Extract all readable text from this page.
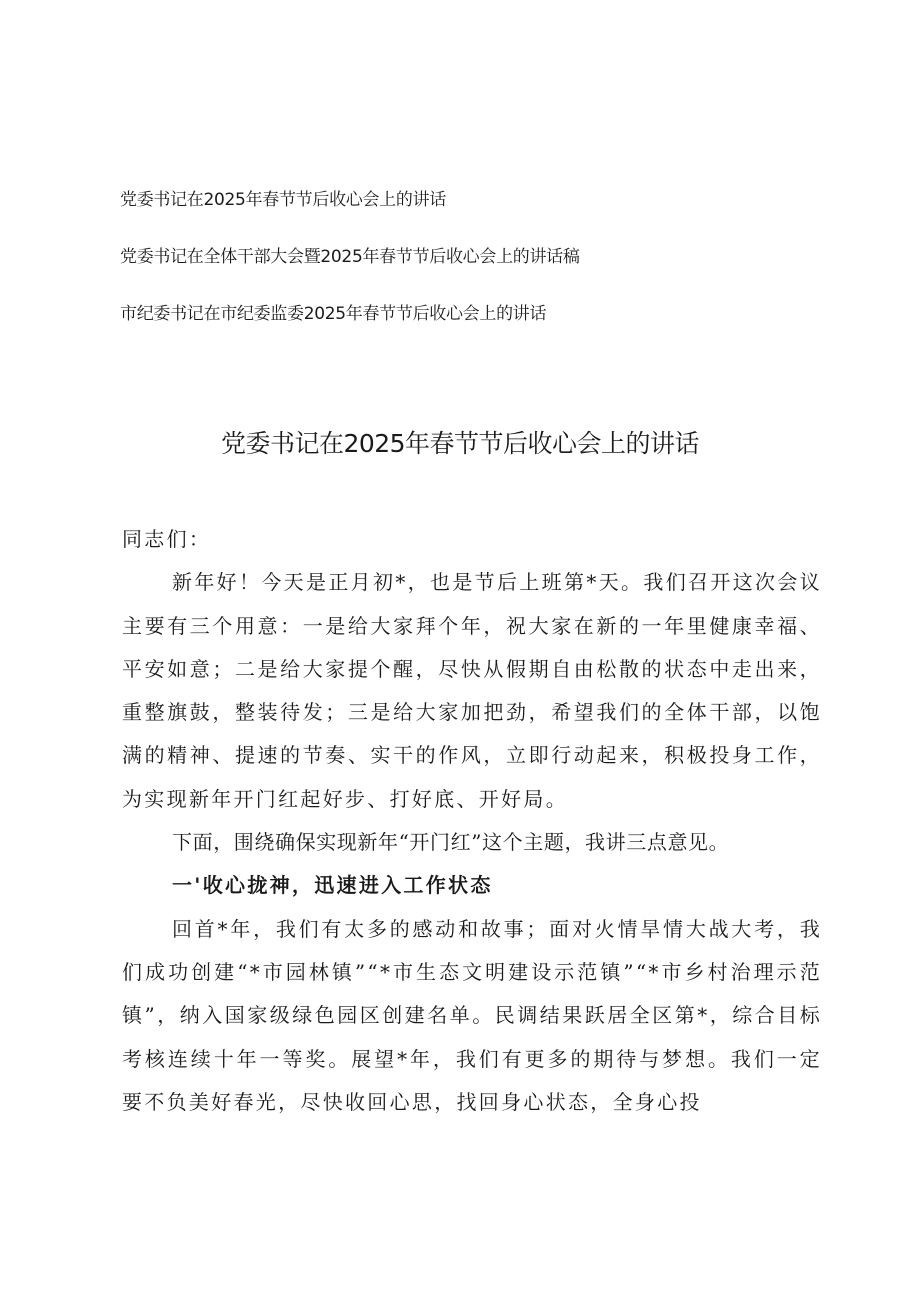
党委书记在2025年春节节后收心会上的讲话
党委书记在全体干部大会暨2025年春节节后收心会上的讲话稿
市纪委书记在市纪委监委2025年春节节后收心会上的讲话
党委书记在2025年春节节后收心会上的讲话

同志们：

新年好！今天是正月初*，也是节后上班第*天。我们召开这次会议主要有三个用意：一是给大家拜个年，祝大家在新的一年里健康幸福、平安如意；二是给大家提个醒，尽快从假期自由松散的状态中走出来，重整旗鼓，整装待发；三是给大家加把劲，希望我们的全体干部，以饱满的精神、提速的节奏、实干的作风，立即行动起来，积极投身工作，为实现新年开门红起好步、打好底、开好局。

下面，围绕确保实现新年“开门红”这个主题，我讲三点意见。

一'收心拢神，迅速进入工作状态

回首*年，我们有太多的感动和故事；面对火情旱情大战大考，我们成功创建“*市园林镇”“*市生态文明建设示范镇”“*市乡村治理示范镇”，纳入国家级绿色园区创建名单。民调结果跃居全区第*，综合目标考核连续十年一等奖。展望*年，我们有更多的期待与梦想。我们一定要不负美好春光，尽快收回心思，找回身心状态，全身心投
